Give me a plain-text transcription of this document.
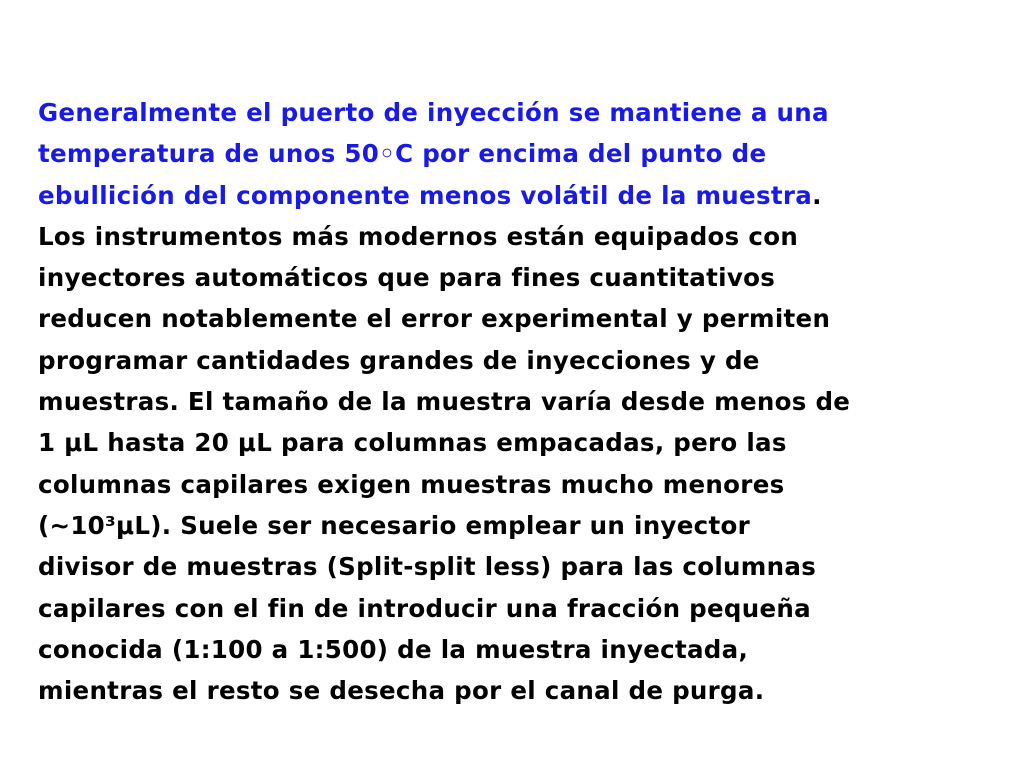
Generalmente el puerto de inyección se mantiene a una
temperatura de unos 50◦C por encima del punto de
ebullición del componente menos volátil de la muestra.
Los instrumentos más modernos están equipados con
inyectores automáticos que para fines cuantitativos
reducen notablemente el error experimental y permiten
programar cantidades grandes de inyecciones y de
muestras. El tamaño de la muestra varía desde menos de
1 μL hasta 20 μL para columnas empacadas, pero las
columnas capilares exigen muestras mucho menores
(~10³μL). Suele ser necesario emplear un inyector
divisor de muestras (Split-split less) para las columnas
capilares con el fin de introducir una fracción pequeña
conocida (1:100 a 1:500) de la muestra inyectada,
mientras el resto se desecha por el canal de purga.
